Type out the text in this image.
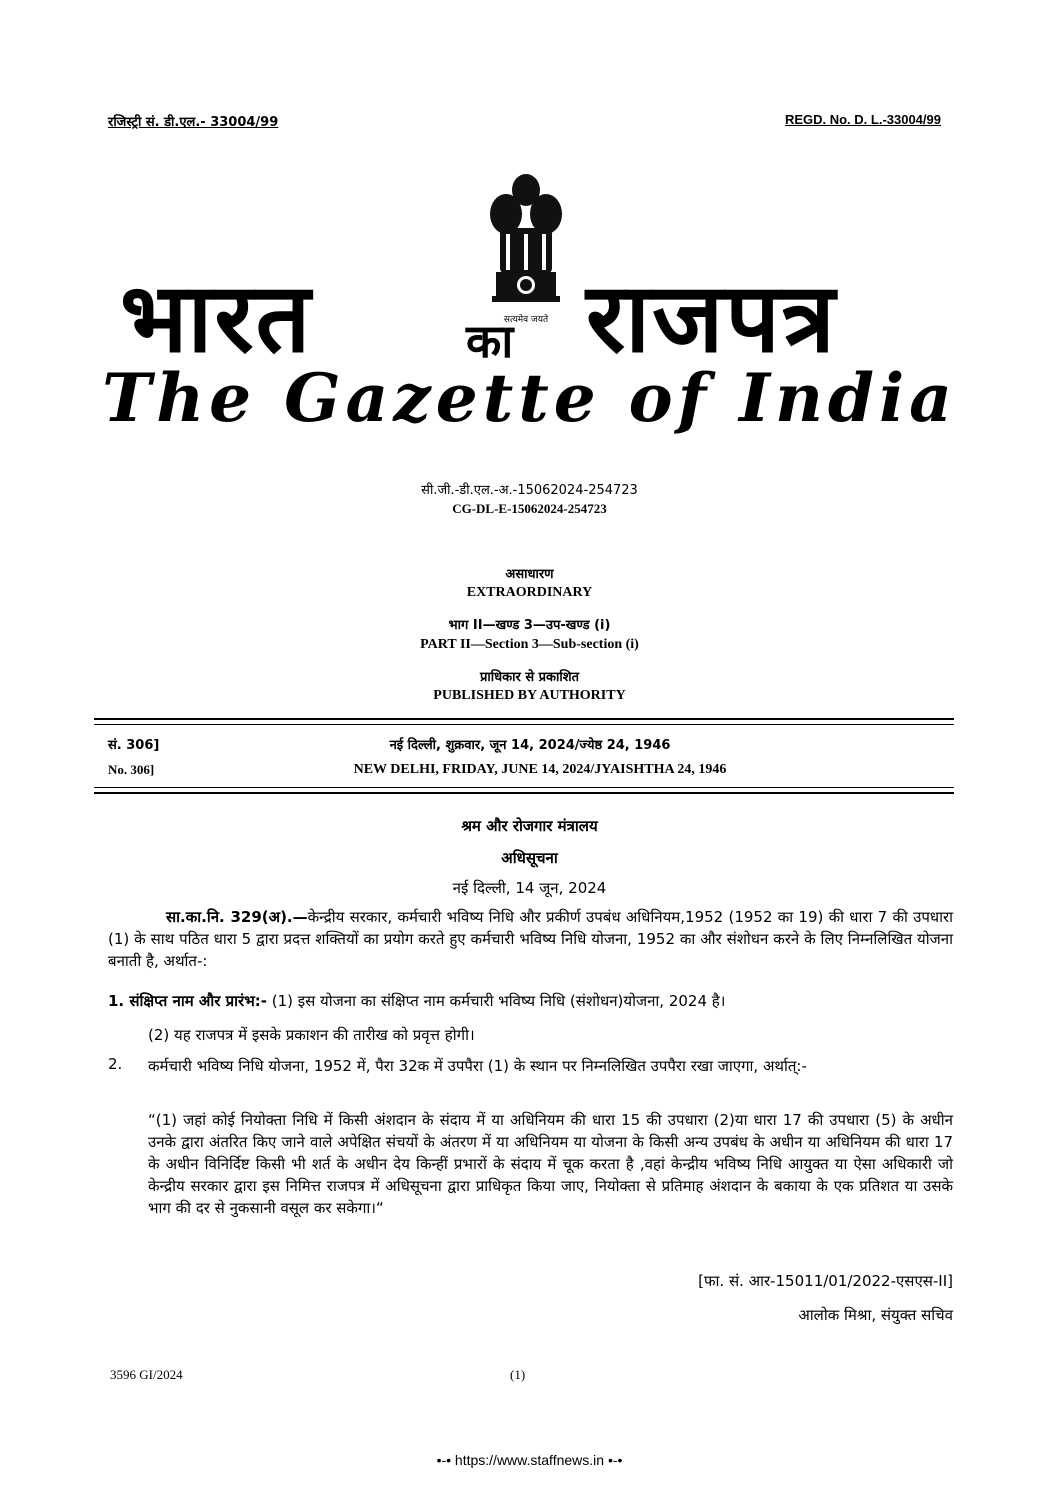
रजिस्ट्री सं. डी.एल.- 33004/99	REGD. No. D. L.-33004/99
सत्यमेव जयते
भारत	का राजपत्र
The Gazette of India
सी.जी.-डी.एल.-अ.-15062024-254723
CG-DL-E-15062024-254723
असाधारण
EXTRAORDINARY
भाग II—खण्ड 3—उप-खण्ड (i)
PART II—Section 3—Sub-section (i)
प्राधिकार से प्रकाशित
PUBLISHED BY AUTHORITY
सं. 306]	नई दिल्ली, शुक्रवार, जून 14, 2024/ज्येष्ठ 24, 1946
No. 306]	NEW DELHI, FRIDAY, JUNE 14, 2024/JYAISHTHA 24, 1946
श्रम और रोजगार मंत्रालय
अधिसूचना
नई दिल्ली, 14 जून, 2024
सा.का.नि. 329(अ).—केन्द्रीय सरकार, कर्मचारी भविष्य निधि और प्रकीर्ण उपबंध अधिनियम,1952 (1952 का 19) की धारा 7 की उपधारा (1) के साथ पठित धारा 5 द्वारा प्रदत्त शक्तियों का प्रयोग करते हुए कर्मचारी भविष्य निधि योजना, 1952 का और संशोधन करने के लिए निम्नलिखित योजना बनाती है, अर्थात-:
1. संक्षिप्त नाम और प्रारंभ:- (1) इस योजना का संक्षिप्त नाम कर्मचारी भविष्य निधि (संशोधन)योजना, 2024 है।
(2) यह राजपत्र में इसके प्रकाशन की तारीख को प्रवृत्त होगी।
2. कर्मचारी भविष्य निधि योजना, 1952 में, पैरा 32क में उपपैरा (1) के स्थान पर निम्नलिखित उपपैरा रखा जाएगा, अर्थात्:-
“(1) जहां कोई नियोक्ता निधि में किसी अंशदान के संदाय में या अधिनियम की धारा 15 की उपधारा (2)या धारा 17 की उपधारा (5) के अधीन उनके द्वारा अंतरित किए जाने वाले अपेक्षित संचयों के अंतरण में या अधिनियम या योजना के किसी अन्य उपबंध के अधीन या अधिनियम की धारा 17 के अधीन विनिर्दिष्ट किसी भी शर्त के अधीन देय किन्हीं प्रभारों के संदाय में चूक करता है ,वहां केन्द्रीय भविष्य निधि आयुक्त या ऐसा अधिकारी जो केन्द्रीय सरकार द्वारा इस निमित्त राजपत्र में अधिसूचना द्वारा प्राधिकृत किया जाए, नियोक्ता से प्रतिमाह अंशदान के बकाया के एक प्रतिशत या उसके भाग की दर से नुकसानी वसूल कर सकेगा।“
[फा. सं. आर-15011/01/2022-एसएस-II]
आलोक मिश्रा, संयुक्त सचिव
3596 GI/2024	(1)
•-• https://www.staffnews.in •-•
